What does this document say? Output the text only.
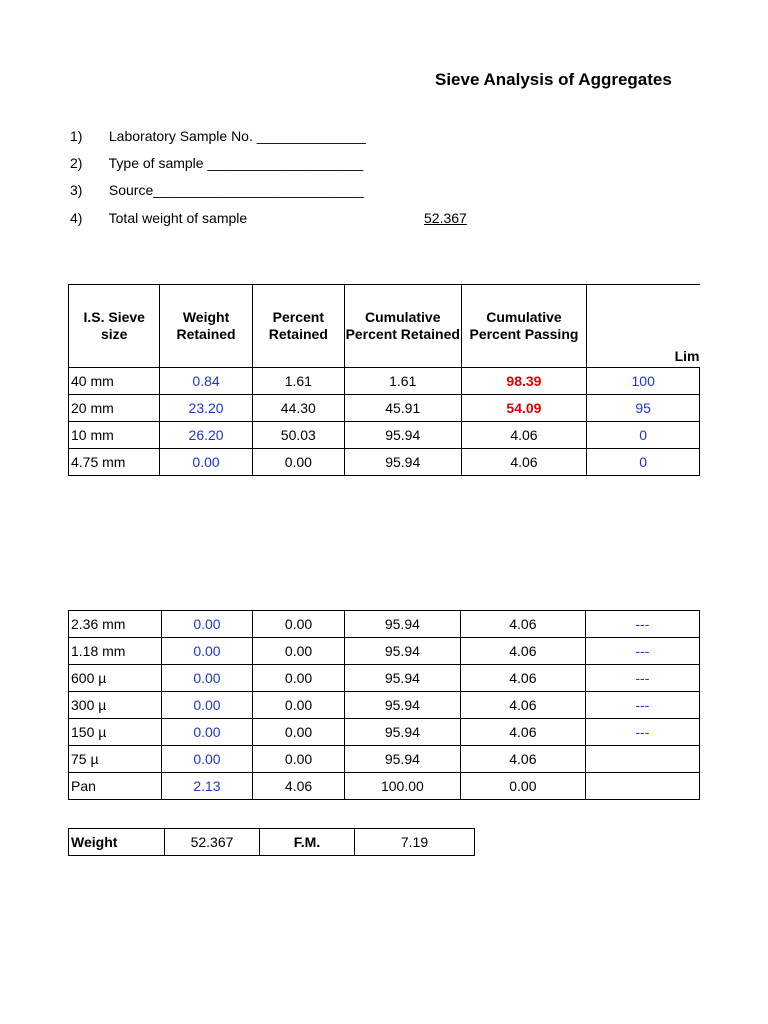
Sieve Analysis of Aggregates
1) Laboratory Sample No. ______________
2) Type of sample ____________________
3) Source___________________________
4) Total weight of sample	52.367
I.S. Sieve size	Weight Retained	Percent Retained	Cumulative Percent Retained	Cumulative Percent Passing	Lim
40 mm	0.84	1.61	1.61	98.39	100
20 mm	23.20	44.30	45.91	54.09	95
10 mm	26.20	50.03	95.94	4.06	0
4.75 mm	0.00	0.00	95.94	4.06	0
2.36 mm	0.00	0.00	95.94	4.06	---
1.18 mm	0.00	0.00	95.94	4.06	---
600 µ	0.00	0.00	95.94	4.06	---
300 µ	0.00	0.00	95.94	4.06	---
150 µ	0.00	0.00	95.94	4.06	---
75 µ	0.00	0.00	95.94	4.06	
Pan	2.13	4.06	100.00	0.00	
Weight	52.367	F.M.	7.19
